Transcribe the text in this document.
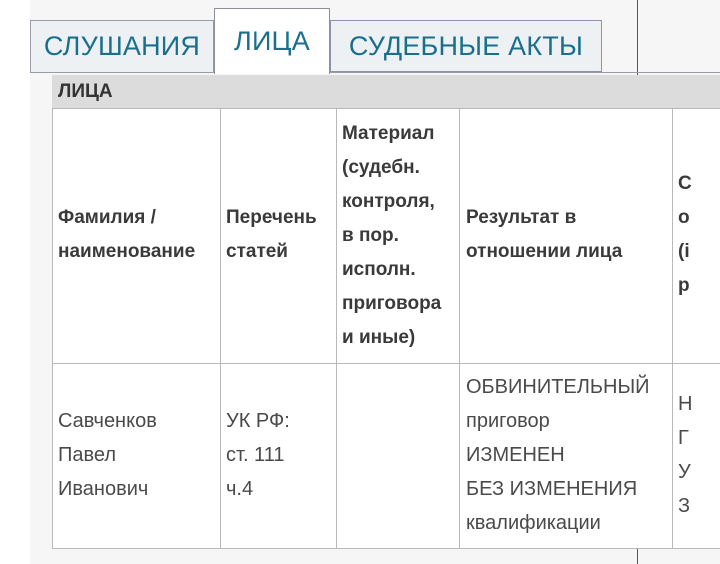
СЛУШАНИЯ ЛИЦА СУДЕБНЫЕ АКТЫ
ЛИЦА
Фамилия /
наименование
Перечень
статей
Материал
(судебн.
контроля,
в пор.
исполн.
приговора
и иные)
Результат в
отношении лица
С
о
(і
р
Савченков
Павел
Иванович
УК РФ:
ст. 111
ч.4
ОБВИНИТЕЛЬНЫЙ
приговор
ИЗМЕНЕН
БЕЗ ИЗМЕНЕНИЯ
квалификации
Н
Г
У
З
